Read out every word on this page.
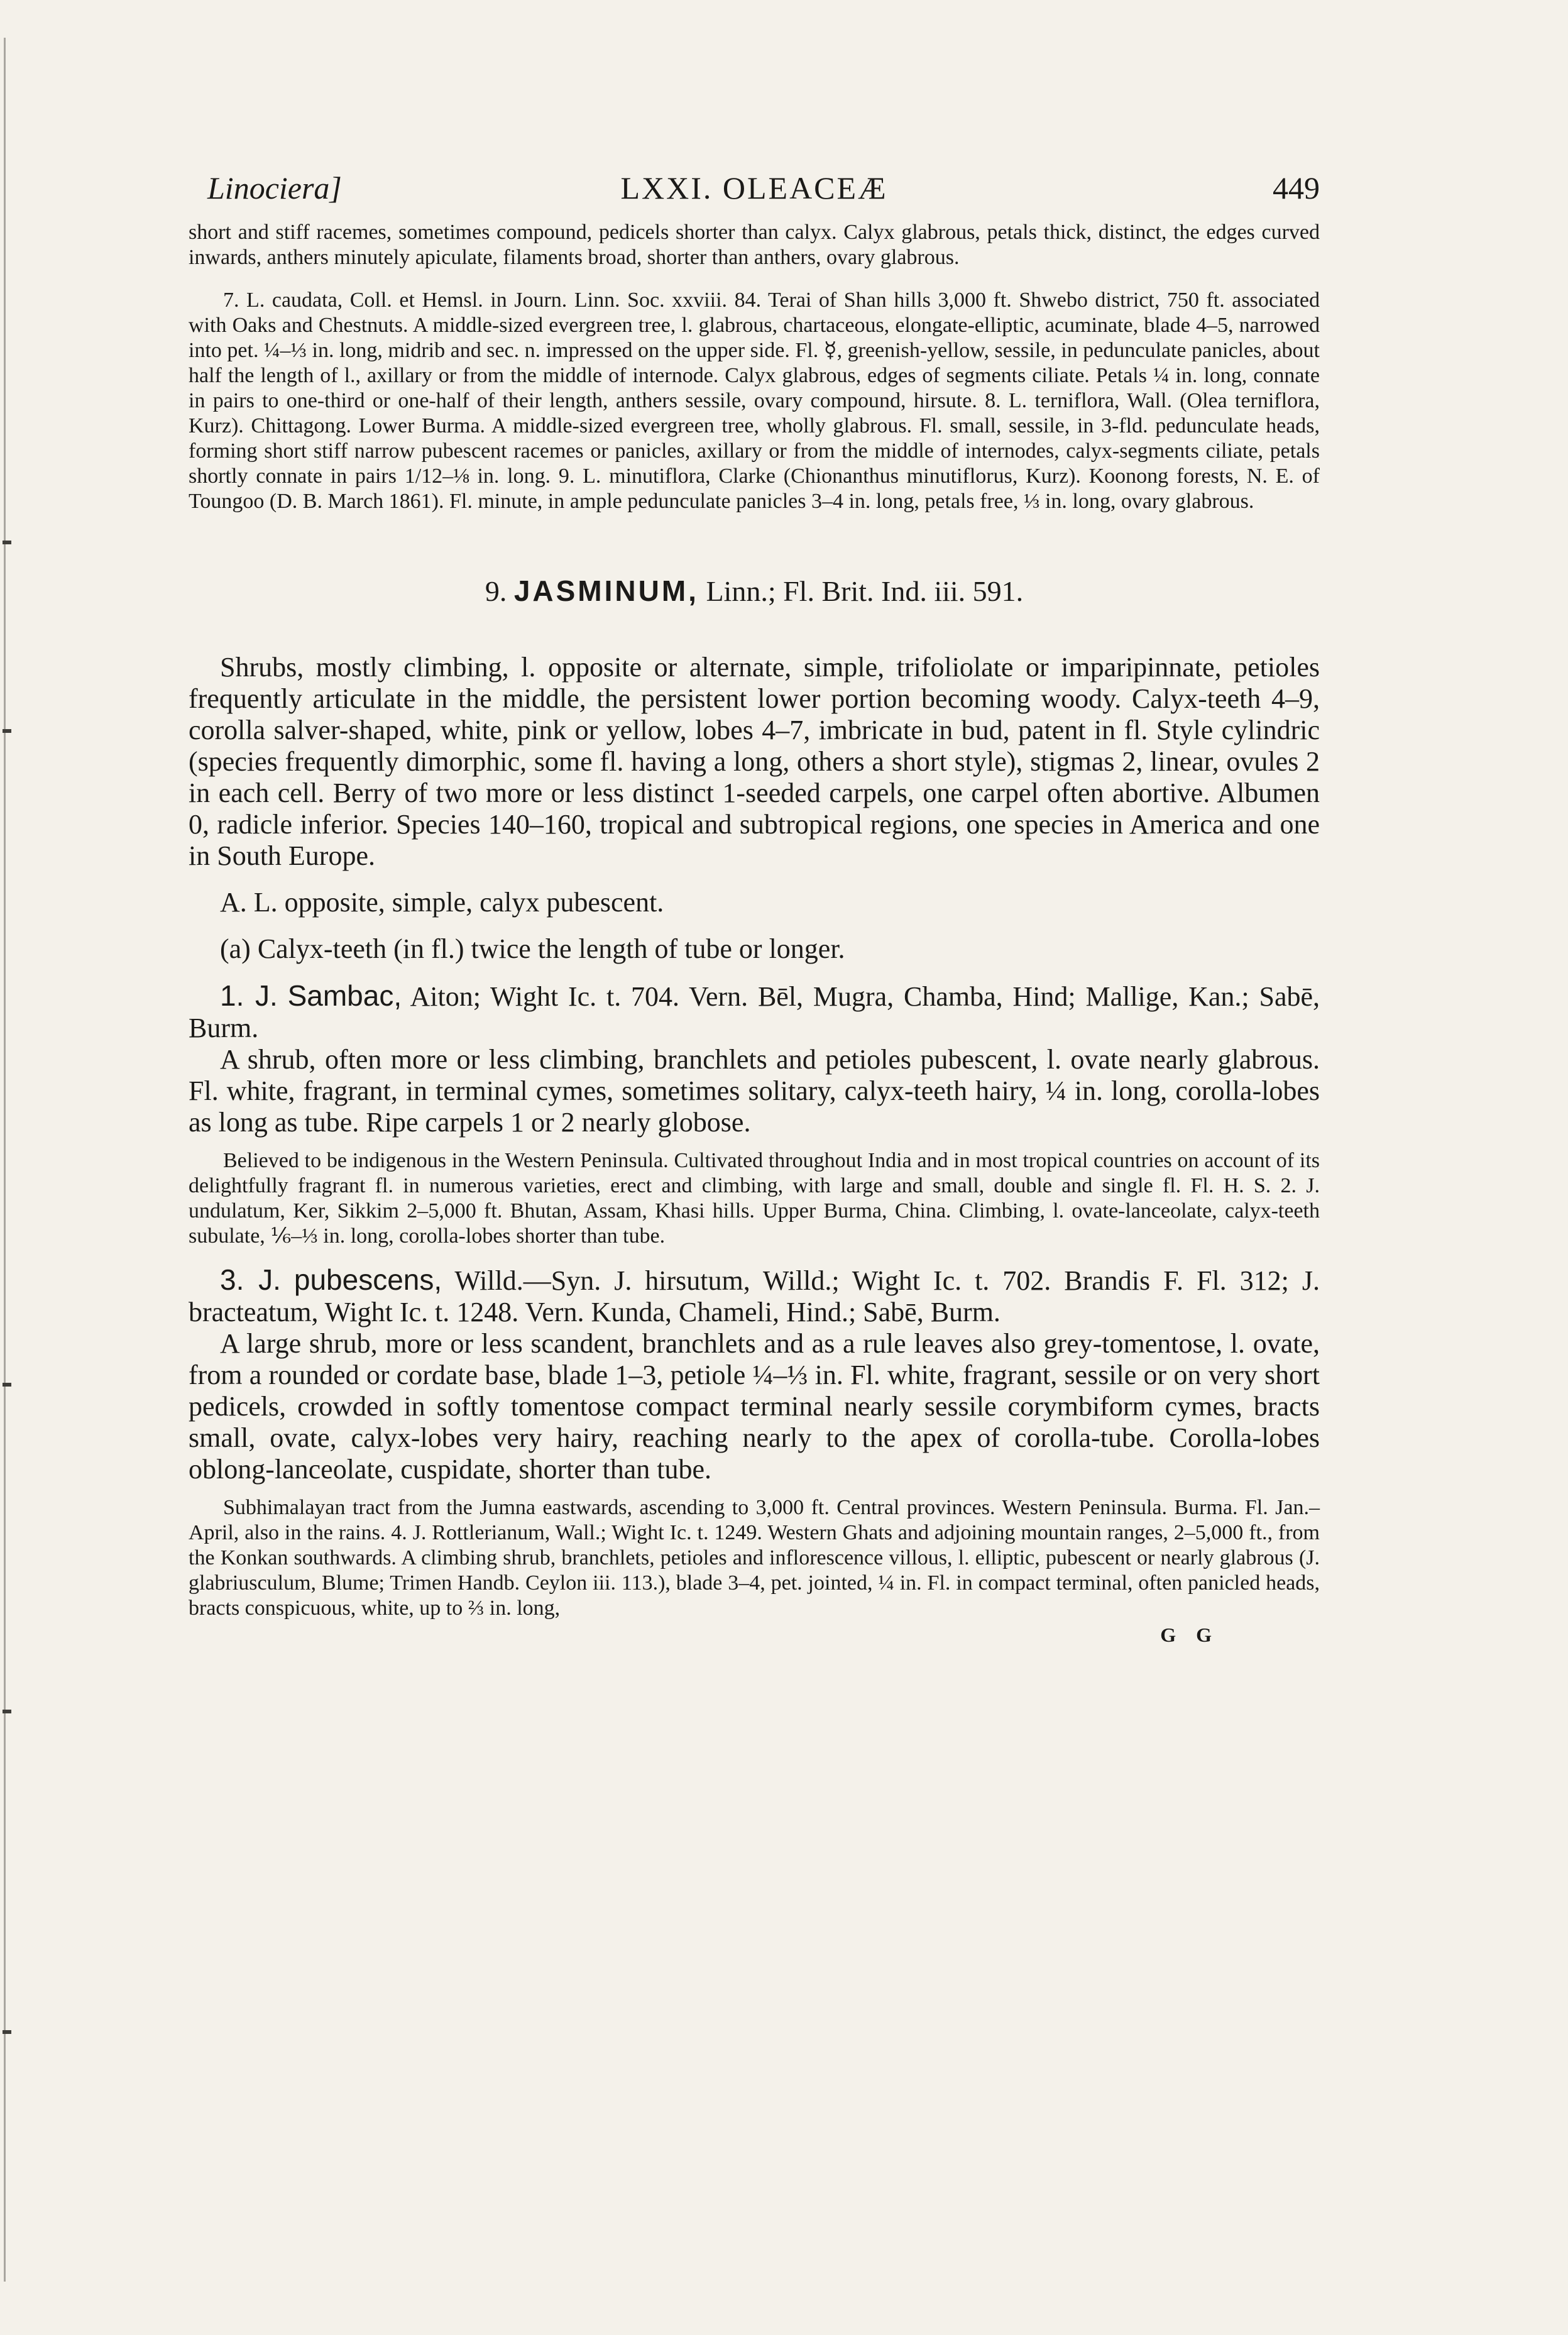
Linociera]	LXXI. OLEACEÆ	449

short and stiff racemes, sometimes compound, pedicels shorter than calyx. Calyx glabrous, petals thick, distinct, the edges curved inwards, anthers minutely apiculate, filaments broad, shorter than anthers, ovary glabrous.

7. L. caudata, Coll. et Hemsl. in Journ. Linn. Soc. xxviii. 84. Terai of Shan hills 3,000 ft. Shwebo district, 750 ft. associated with Oaks and Chestnuts. A middle-sized evergreen tree, l. glabrous, chartaceous, elongate-elliptic, acuminate, blade 4–5, narrowed into pet. ¼–⅓ in. long, midrib and sec. n. impressed on the upper side. Fl. ☿, greenish-yellow, sessile, in pedunculate panicles, about half the length of l., axillary or from the middle of internode. Calyx glabrous, edges of segments ciliate. Petals ¼ in. long, connate in pairs to one-third or one-half of their length, anthers sessile, ovary compound, hirsute. 8. L. terniflora, Wall. (Olea terniflora, Kurz). Chittagong. Lower Burma. A middle-sized evergreen tree, wholly glabrous. Fl. small, sessile, in 3-fld. pedunculate heads, forming short stiff narrow pubescent racemes or panicles, axillary or from the middle of internodes, calyx-segments ciliate, petals shortly connate in pairs 1/12–⅛ in. long. 9. L. minutiflora, Clarke (Chionanthus minutiflorus, Kurz). Koonong forests, N. E. of Toungoo (D. B. March 1861). Fl. minute, in ample pedunculate panicles 3–4 in. long, petals free, ⅓ in. long, ovary glabrous.

9. JASMINUM, Linn.; Fl. Brit. Ind. iii. 591.

Shrubs, mostly climbing, l. opposite or alternate, simple, trifoliolate or imparipinnate, petioles frequently articulate in the middle, the persistent lower portion becoming woody. Calyx-teeth 4–9, corolla salver-shaped, white, pink or yellow, lobes 4–7, imbricate in bud, patent in fl. Style cylindric (species frequently dimorphic, some fl. having a long, others a short style), stigmas 2, linear, ovules 2 in each cell. Berry of two more or less distinct 1-seeded carpels, one carpel often abortive. Albumen 0, radicle inferior. Species 140–160, tropical and subtropical regions, one species in America and one in South Europe.

A. L. opposite, simple, calyx pubescent.
(a) Calyx-teeth (in fl.) twice the length of tube or longer.

1. J. Sambac, Aiton; Wight Ic. t. 704. Vern. Bēl, Mugra, Chamba, Hind; Mallige, Kan.; Sabē, Burm.

A shrub, often more or less climbing, branchlets and petioles pubescent, l. ovate nearly glabrous. Fl. white, fragrant, in terminal cymes, sometimes solitary, calyx-teeth hairy, ¼ in. long, corolla-lobes as long as tube. Ripe carpels 1 or 2 nearly globose.

Believed to be indigenous in the Western Peninsula. Cultivated throughout India and in most tropical countries on account of its delightfully fragrant fl. in numerous varieties, erect and climbing, with large and small, double and single fl. Fl. H. S. 2. J. undulatum, Ker, Sikkim 2–5,000 ft. Bhutan, Assam, Khasi hills. Upper Burma, China. Climbing, l. ovate-lanceolate, calyx-teeth subulate, ⅙–⅓ in. long, corolla-lobes shorter than tube.

3. J. pubescens, Willd.—Syn. J. hirsutum, Willd.; Wight Ic. t. 702. Brandis F. Fl. 312; J. bracteatum, Wight Ic. t. 1248. Vern. Kunda, Chameli, Hind.; Sabē, Burm.

A large shrub, more or less scandent, branchlets and as a rule leaves also grey-tomentose, l. ovate, from a rounded or cordate base, blade 1–3, petiole ¼–⅓ in. Fl. white, fragrant, sessile or on very short pedicels, crowded in softly tomentose compact terminal nearly sessile corymbiform cymes, bracts small, ovate, calyx-lobes very hairy, reaching nearly to the apex of corolla-tube. Corolla-lobes oblong-lanceolate, cuspidate, shorter than tube.

Subhimalayan tract from the Jumna eastwards, ascending to 3,000 ft. Central provinces. Western Peninsula. Burma. Fl. Jan.–April, also in the rains. 4. J. Rottlerianum, Wall.; Wight Ic. t. 1249. Western Ghats and adjoining mountain ranges, 2–5,000 ft., from the Konkan southwards. A climbing shrub, branchlets, petioles and inflorescence villous, l. elliptic, pubescent or nearly glabrous (J. glabriusculum, Blume; Trimen Handb. Ceylon iii. 113.), blade 3–4, pet. jointed, ¼ in. Fl. in compact terminal, often panicled heads, bracts conspicuous, white, up to ⅔ in. long,

G G
